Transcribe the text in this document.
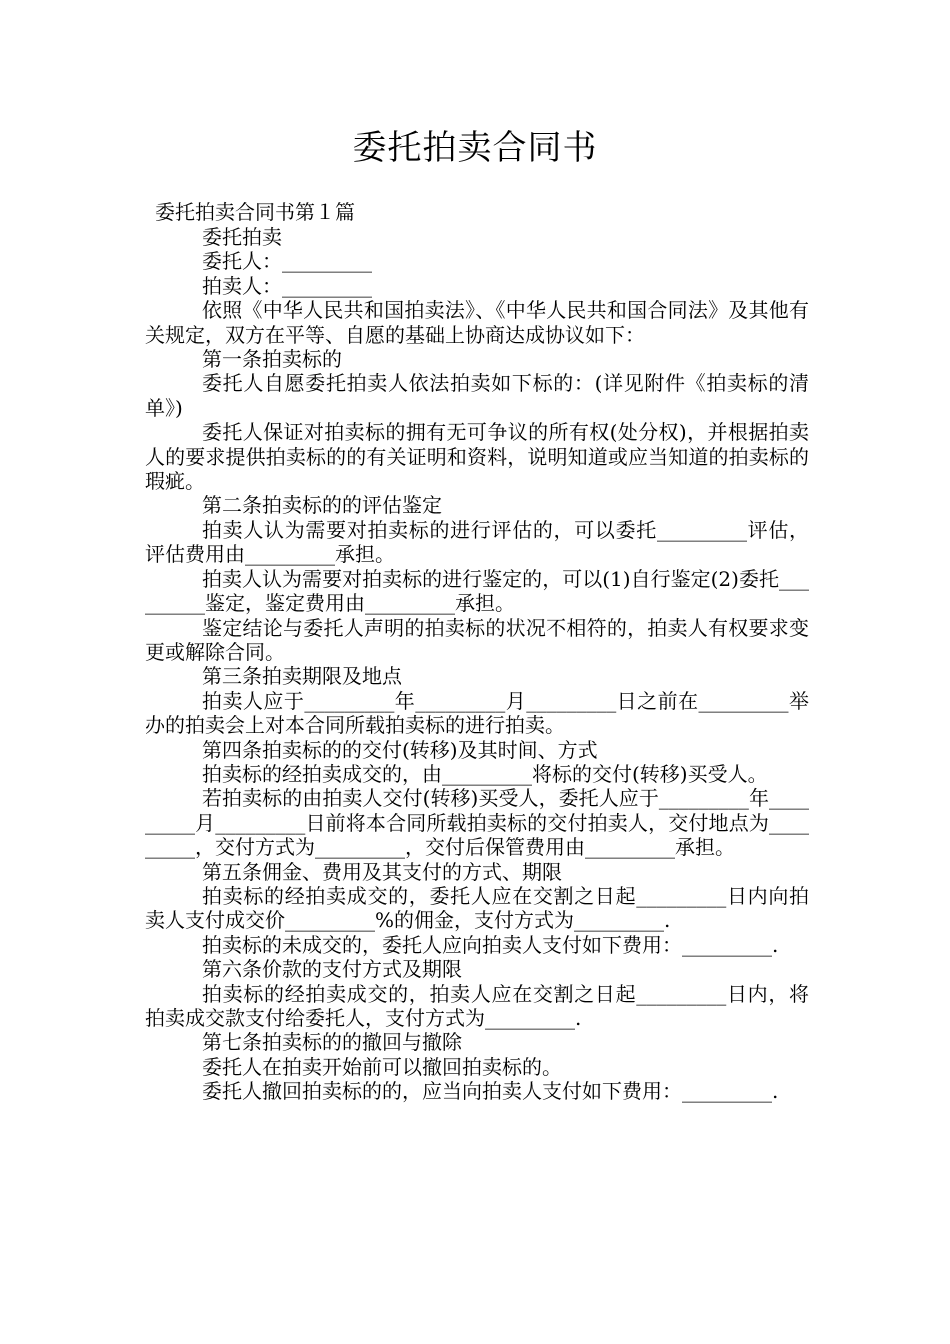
委托拍卖合同书
委托拍卖合同书第１篇

委托拍卖

委托人：_________

拍卖人：_________

依照《中华人民共和国拍卖法》、《中华人民共和国合同法》及其他有关规定，双方在平等、自愿的基础上协商达成协议如下：

第一条拍卖标的

委托人自愿委托拍卖人依法拍卖如下标的：(详见附件《拍卖标的清单》)

委托人保证对拍卖标的拥有无可争议的所有权(处分权)，并根据拍卖人的要求提供拍卖标的的有关证明和资料，说明知道或应当知道的拍卖标的瑕疵。

第二条拍卖标的的评估鉴定

拍卖人认为需要对拍卖标的进行评估的，可以委托_________评估，评估费用由_________承担。

拍卖人认为需要对拍卖标的进行鉴定的，可以(1)自行鉴定(2)委托_________鉴定，鉴定费用由_________承担。

鉴定结论与委托人声明的拍卖标的状况不相符的，拍卖人有权要求变更或解除合同。

第三条拍卖期限及地点

拍卖人应于_________年_________月_________日之前在_________举办的拍卖会上对本合同所载拍卖标的进行拍卖。

第四条拍卖标的的交付(转移)及其时间、方式

拍卖标的经拍卖成交的，由_________将标的交付(转移)买受人。

若拍卖标的由拍卖人交付(转移)买受人，委托人应于_________年_________月_________日前将本合同所载拍卖标的交付拍卖人，交付地点为_________，交付方式为_________，交付后保管费用由_________承担。

第五条佣金、费用及其支付的方式、期限

拍卖标的经拍卖成交的，委托人应在交割之日起_________日内向拍卖人支付成交价_________%的佣金，支付方式为_________.

拍卖标的未成交的，委托人应向拍卖人支付如下费用：_________.

第六条价款的支付方式及期限

拍卖标的经拍卖成交的，拍卖人应在交割之日起_________日内，将拍卖成交款支付给委托人，支付方式为_________.

第七条拍卖标的的撤回与撤除

委托人在拍卖开始前可以撤回拍卖标的。

委托人撤回拍卖标的的，应当向拍卖人支付如下费用：_________.
